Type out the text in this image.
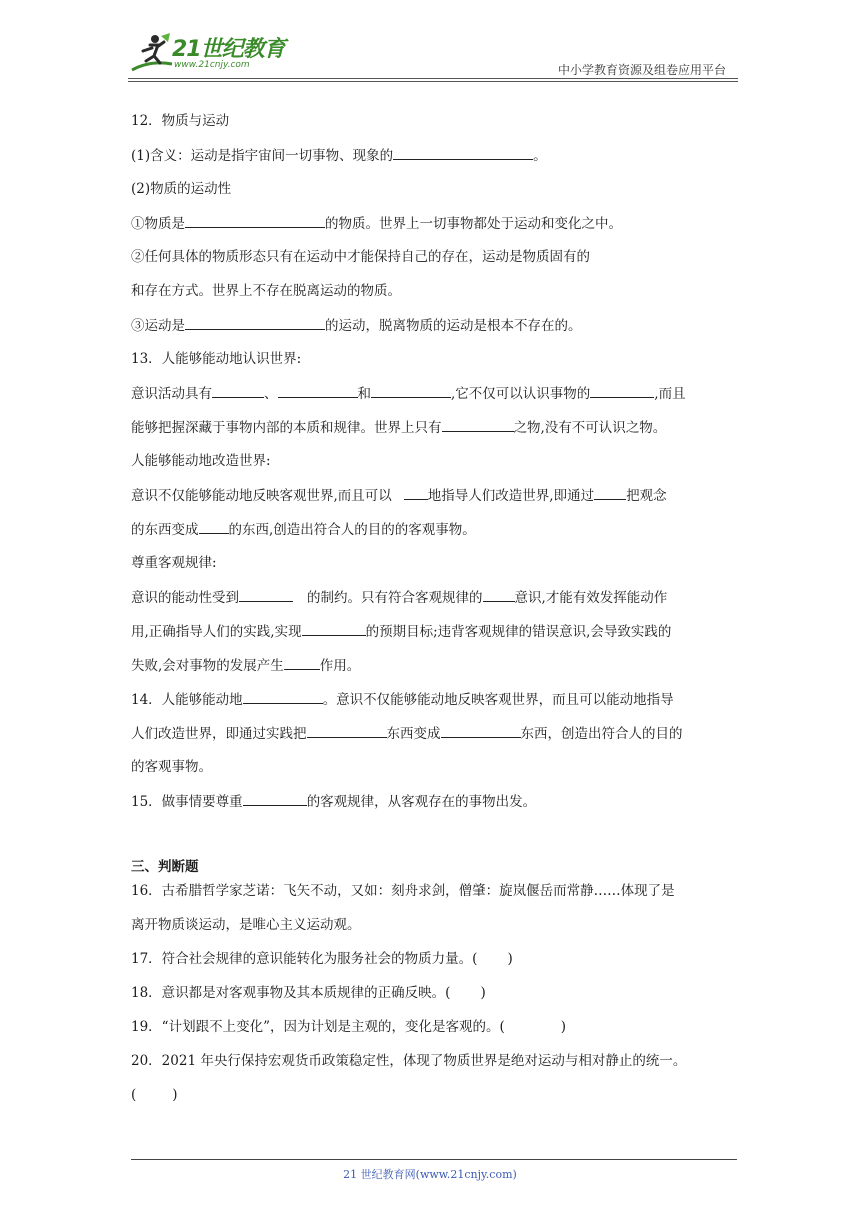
21世纪教育
www.21cnjy.com	中小学教育资源及组卷应用平台
12．物质与运动
(1)含义：运动是指宇宙间一切事物、现象的	。
(2)物质的运动性
①物质是	的物质。世界上一切事物都处于运动和变化之中。
②任何具体的物质形态只有在运动中才能保持自己的存在，运动是物质固有的
和存在方式。世界上不存在脱离运动的物质。
③运动是	的运动，脱离物质的运动是根本不存在的。
13．人能够能动地认识世界:
意识活动具有	、	和	,它不仅可以认识事物的	,而且
能够把握深藏于事物内部的本质和规律。世界上只有	之物,没有不可认识之物。
人能够能动地改造世界:
意识不仅能够能动地反映客观世界,而且可以	地指导人们改造世界,即通过 把观念
的东西变成 的东西,创造出符合人的目的的客观事物。
尊重客观规律:
意识的能动性受到	的制约。只有符合客观规律的 意识,才能有效发挥能动作
用,正确指导人们的实践,实现	的预期目标;违背客观规律的错误意识,会导致实践的
失败,会对事物的发展产生	作用。
14．人能够能动地	。意识不仅能够能动地反映客观世界，而且可以能动地指导
人们改造世界，即通过实践把	东西变成	东西，创造出符合人的目的
的客观事物。
15．做事情要尊重	的客观规律，从客观存在的事物出发。
三、判断题
16．古希腊哲学家芝诺：飞矢不动，又如：刻舟求剑，僧肇：旋岚偃岳而常静……体现了是
离开物质谈运动，是唯心主义运动观。
17．符合社会规律的意识能转化为服务社会的物质力量。( )
18．意识都是对客观事物及其本质规律的正确反映。( )
19．“计划跟不上变化”，因为计划是主观的，变化是客观的。(	)
20．2021 年央行保持宏观货币政策稳定性，体现了物质世界是绝对运动与相对静止的统一。
(	)
21 世纪教育网(www.21cnjy.com)
